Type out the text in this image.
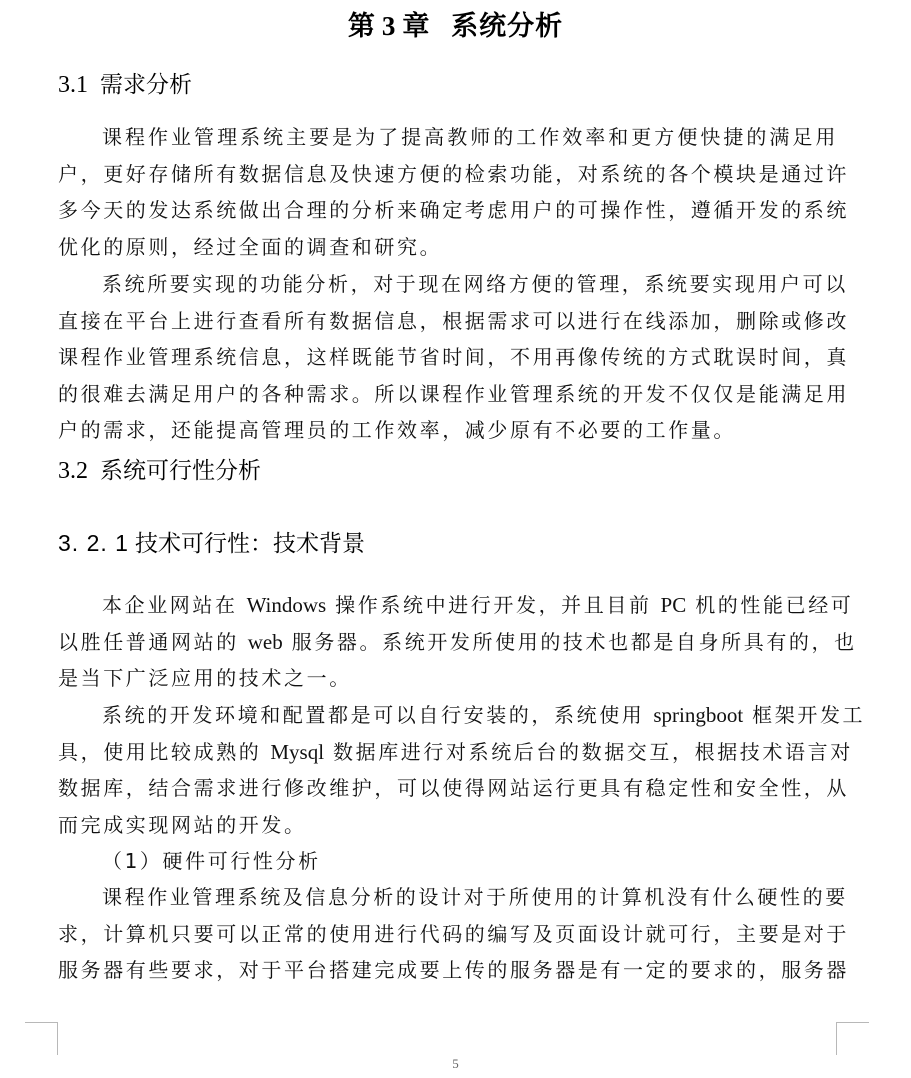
第 3 章 系统分析
3.1 需求分析
课程作业管理系统主要是为了提高教师的工作效率和更方便快捷的满足用
户，更好存储所有数据信息及快速方便的检索功能，对系统的各个模块是通过许
多今天的发达系统做出合理的分析来确定考虑用户的可操作性，遵循开发的系统
优化的原则，经过全面的调查和研究。
系统所要实现的功能分析，对于现在网络方便的管理，系统要实现用户可以
直接在平台上进行查看所有数据信息，根据需求可以进行在线添加，删除或修改
课程作业管理系统信息，这样既能节省时间，不用再像传统的方式耽误时间，真
的很难去满足用户的各种需求。所以课程作业管理系统的开发不仅仅是能满足用
户的需求，还能提高管理员的工作效率，减少原有不必要的工作量。
3.2 系统可行性分析
3. 2. 1 技术可行性：技术背景
本企业网站在 Windows 操作系统中进行开发，并且目前 PC 机的性能已经可
以胜任普通网站的 web 服务器。系统开发所使用的技术也都是自身所具有的，也
是当下广泛应用的技术之一。
系统的开发环境和配置都是可以自行安装的，系统使用 springboot 框架开发工
具，使用比较成熟的 Mysql 数据库进行对系统后台的数据交互，根据技术语言对
数据库，结合需求进行修改维护，可以使得网站运行更具有稳定性和安全性，从
而完成实现网站的开发。
（1）硬件可行性分析
课程作业管理系统及信息分析的设计对于所使用的计算机没有什么硬性的要
求，计算机只要可以正常的使用进行代码的编写及页面设计就可行，主要是对于
服务器有些要求，对于平台搭建完成要上传的服务器是有一定的要求的，服务器
5
